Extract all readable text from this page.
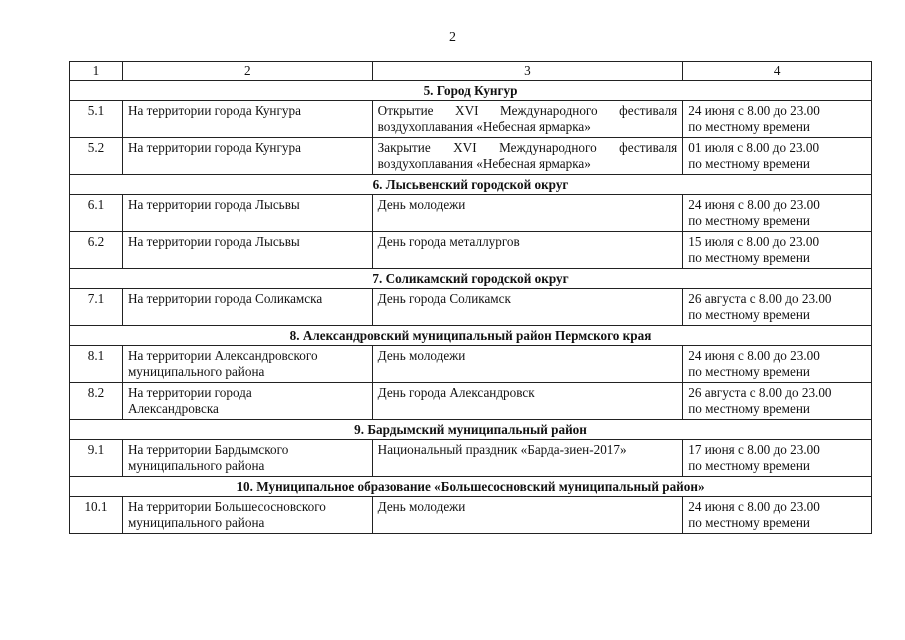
2
1	2	3	4
5. Город Кунгур			
5.1	На территории города Кунгура	Открытие XVI Международного фестиваля воздухоплавания «Небесная ярмарка»	24 июня с 8.00 до 23.00
по местному времени

5.2	На территории города Кунгура	Закрытие XVI Международного фестиваля воздухоплавания «Небесная ярмарка»	01 июля с 8.00 до 23.00
по местному времени

6. Лысьвенский городской округ			
6.1	На территории города Лысьвы	День молодежи	24 июня с 8.00 до 23.00
по местному времени

6.2	На территории города Лысьвы	День города металлургов	15 июля с 8.00 до 23.00
по местному времени

7. Соликамский городской округ			
7.1	На территории города Соликамска	День города Соликамск	26 августа с 8.00 до 23.00
по местному времени

8. Александровский муниципальный район Пермского края			
8.1	На территории Александровского
муниципального района	День молодежи	24 июня с 8.00 до 23.00
по местному времени

8.2	На территории города
Александровска	День города Александровск	26 августа с 8.00 до 23.00
по местному времени

9. Бардымский муниципальный район			
9.1	На территории Бардымского
муниципального района	Национальный праздник «Барда-зиен-2017»	17 июня с 8.00 до 23.00
по местному времени

10. Муниципальное образование «Большесосновский муниципальный район»			
10.1	На территории Большесосновского
муниципального района	День молодежи	24 июня с 8.00 до 23.00
по местному времени
